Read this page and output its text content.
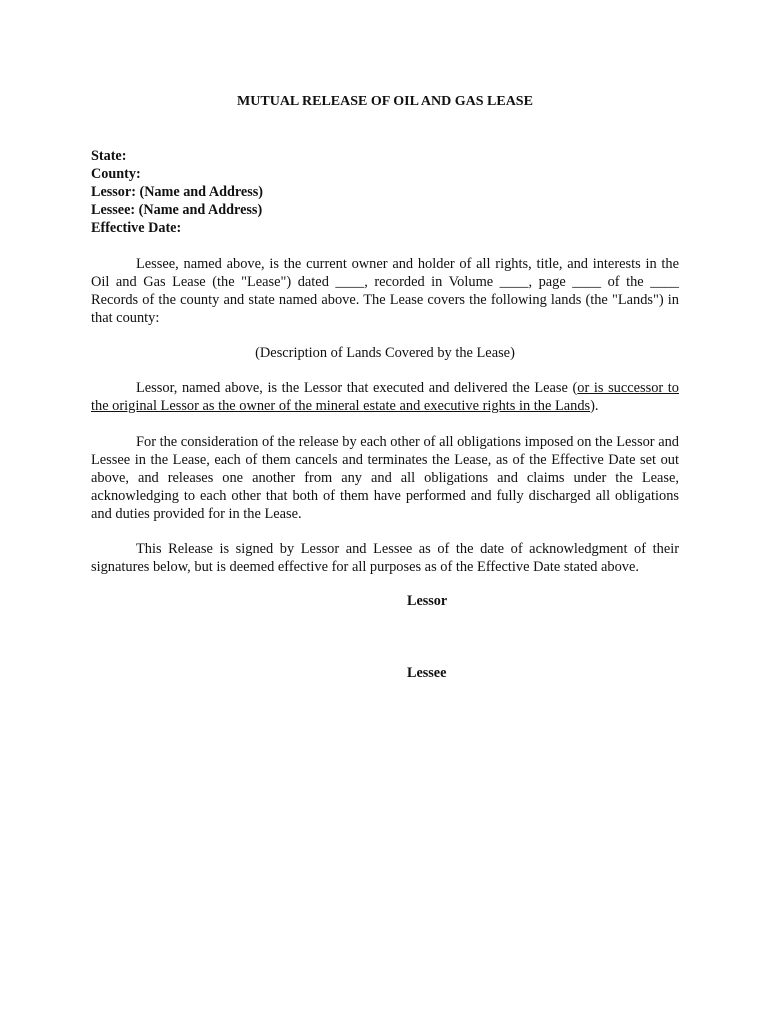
MUTUAL RELEASE OF OIL AND GAS LEASE
State:
County:
Lessor: (Name and Address)
Lessee: (Name and Address)
Effective Date:
Lessee, named above, is the current owner and holder of all rights, title, and interests in the Oil and Gas Lease (the "Lease") dated ____, recorded in Volume ____, page ____ of the ____ Records of the county and state named above. The Lease covers the following lands (the "Lands") in that county:
(Description of Lands Covered by the Lease)
Lessor, named above, is the Lessor that executed and delivered the Lease (or is successor to the original Lessor as the owner of the mineral estate and executive rights in the Lands).
For the consideration of the release by each other of all obligations imposed on the Lessor and Lessee in the Lease, each of them cancels and terminates the Lease, as of the Effective Date set out above, and releases one another from any and all obligations and claims under the Lease, acknowledging to each other that both of them have performed and fully discharged all obligations and duties provided for in the Lease.
This Release is signed by Lessor and Lessee as of the date of acknowledgment of their signatures below, but is deemed effective for all purposes as of the Effective Date stated above.
Lessor
Lessee
